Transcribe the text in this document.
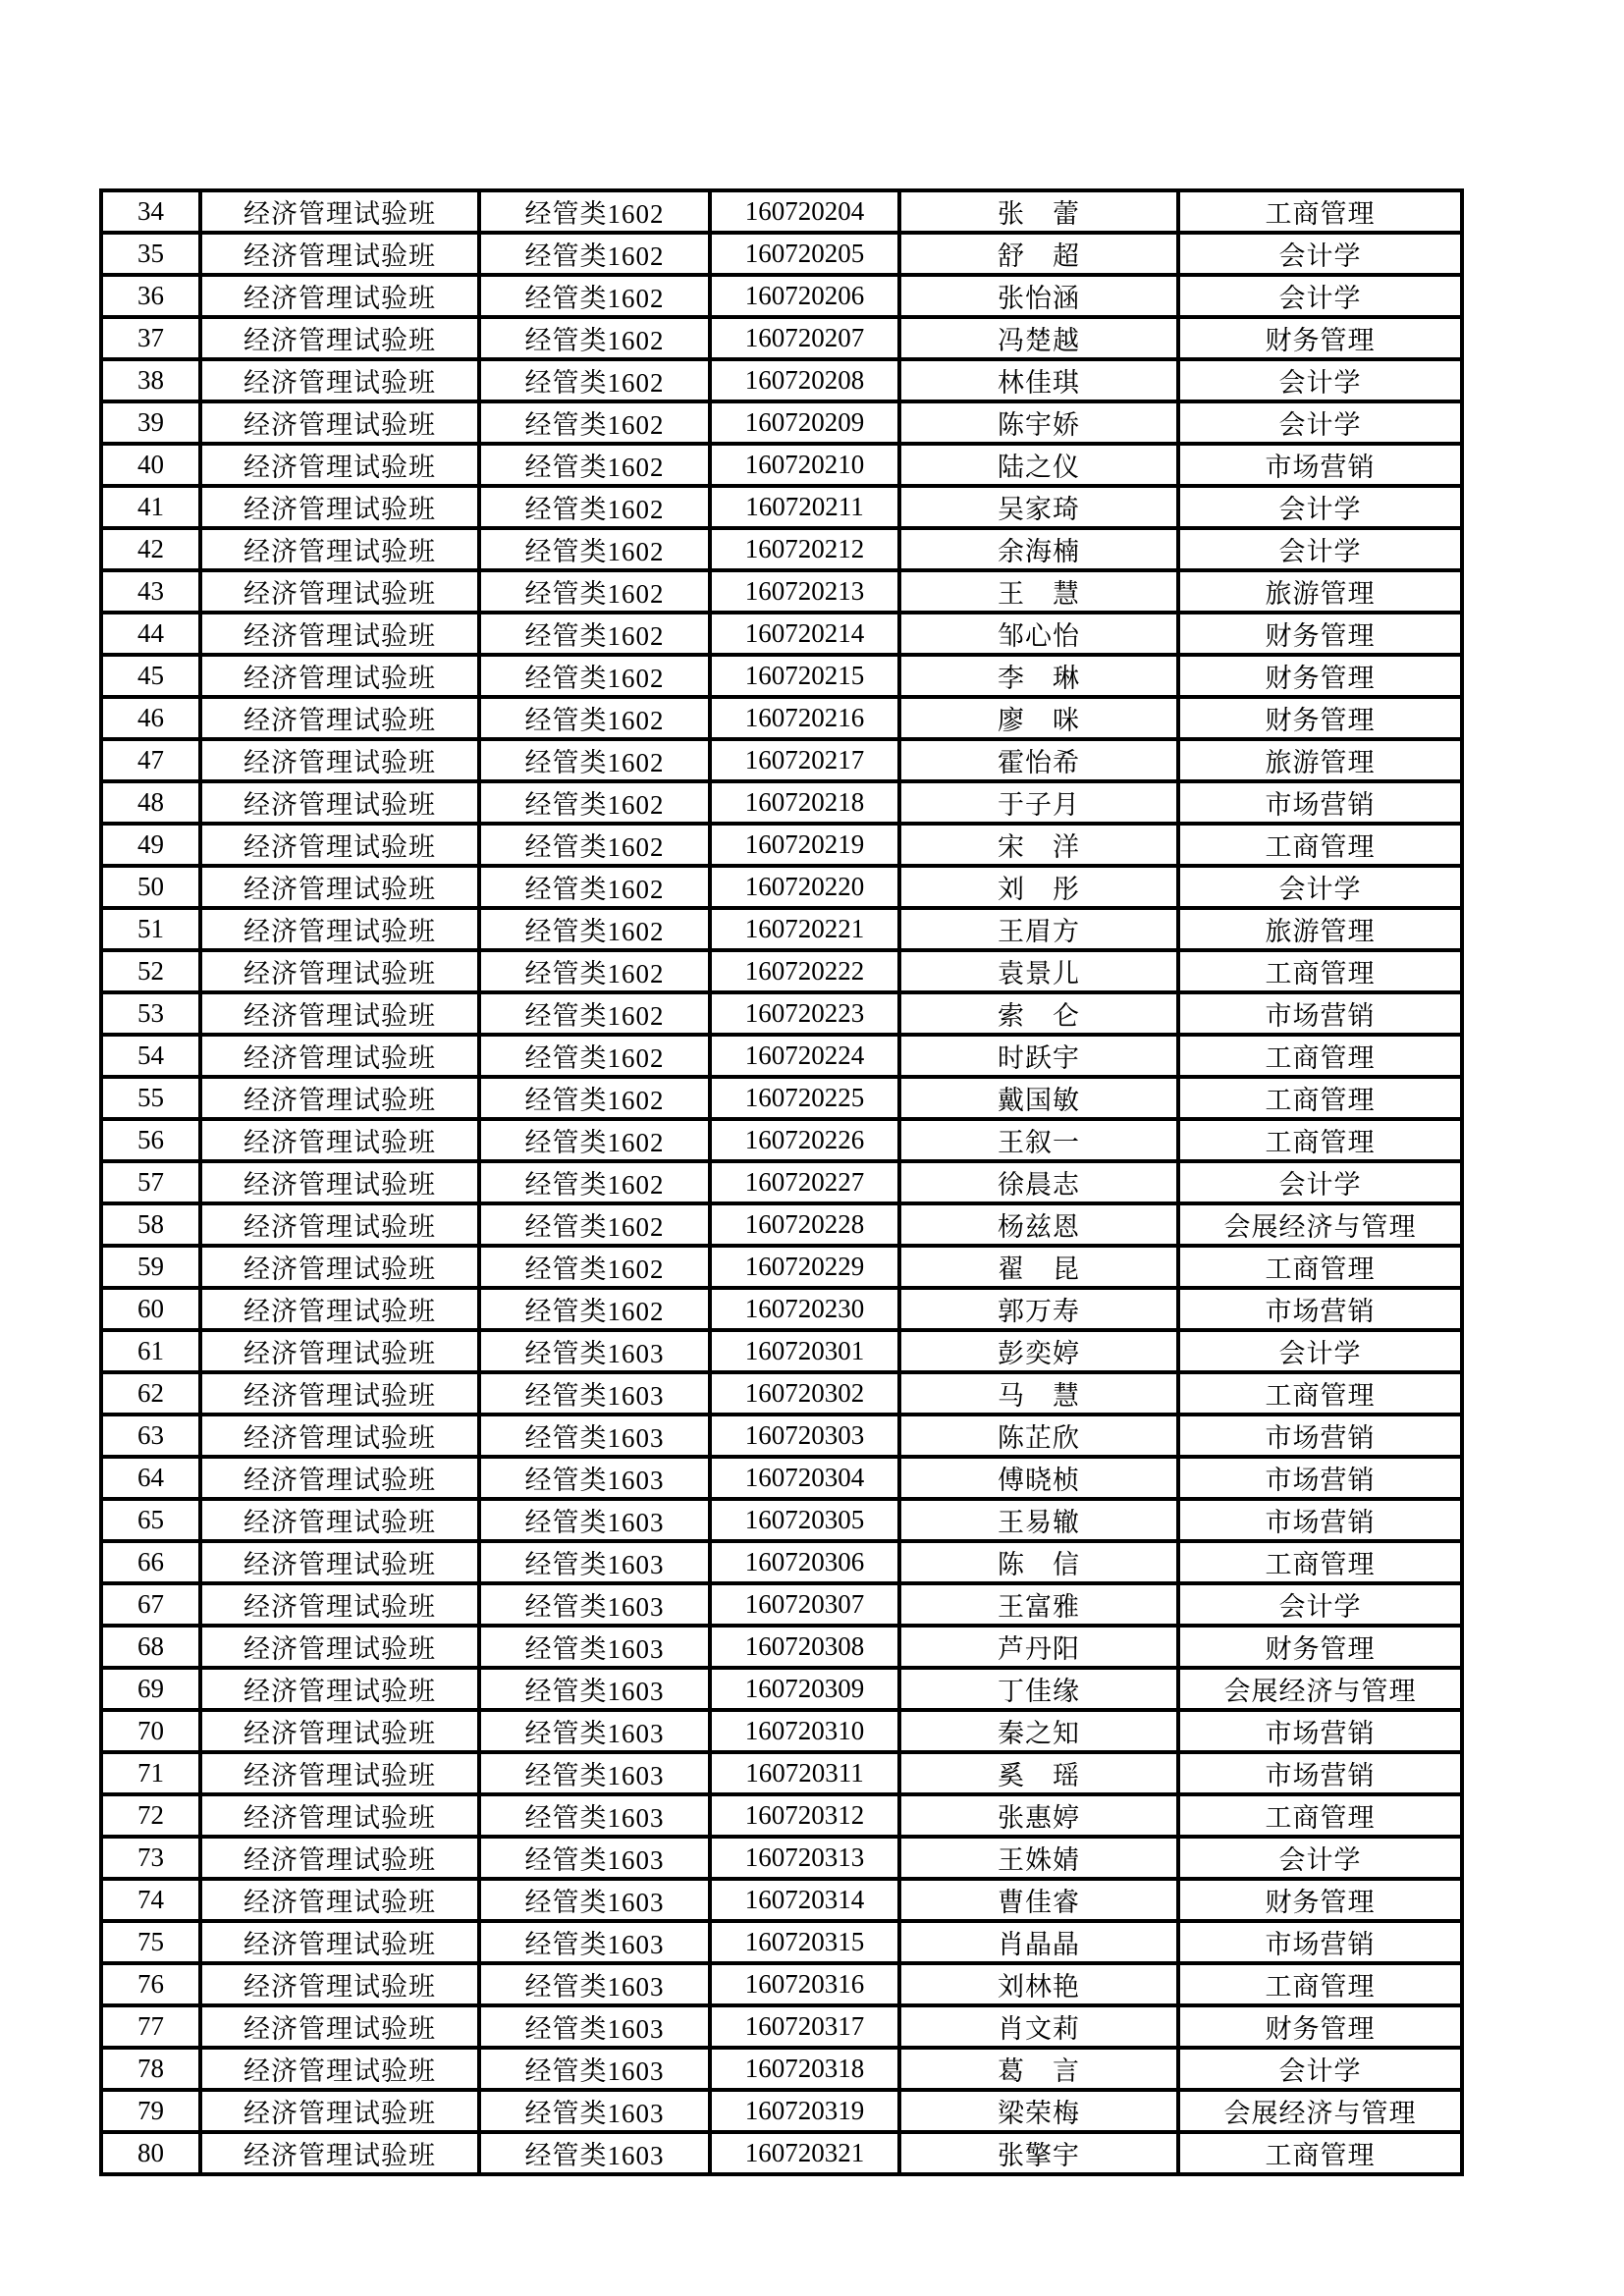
34	经济管理试验班	经管类1602	160720204	张　蕾	工商管理
35	经济管理试验班	经管类1602	160720205	舒　超	会计学
36	经济管理试验班	经管类1602	160720206	张怡涵	会计学
37	经济管理试验班	经管类1602	160720207	冯楚越	财务管理
38	经济管理试验班	经管类1602	160720208	林佳琪	会计学
39	经济管理试验班	经管类1602	160720209	陈宇娇	会计学
40	经济管理试验班	经管类1602	160720210	陆之仪	市场营销
41	经济管理试验班	经管类1602	160720211	吴家琦	会计学
42	经济管理试验班	经管类1602	160720212	余海楠	会计学
43	经济管理试验班	经管类1602	160720213	王　慧	旅游管理
44	经济管理试验班	经管类1602	160720214	邹心怡	财务管理
45	经济管理试验班	经管类1602	160720215	李　琳	财务管理
46	经济管理试验班	经管类1602	160720216	廖　咪	财务管理
47	经济管理试验班	经管类1602	160720217	霍怡希	旅游管理
48	经济管理试验班	经管类1602	160720218	于子月	市场营销
49	经济管理试验班	经管类1602	160720219	宋　洋	工商管理
50	经济管理试验班	经管类1602	160720220	刘　彤	会计学
51	经济管理试验班	经管类1602	160720221	王眉方	旅游管理
52	经济管理试验班	经管类1602	160720222	袁景儿	工商管理
53	经济管理试验班	经管类1602	160720223	索　仑	市场营销
54	经济管理试验班	经管类1602	160720224	时跃宇	工商管理
55	经济管理试验班	经管类1602	160720225	戴国敏	工商管理
56	经济管理试验班	经管类1602	160720226	王叙一	工商管理
57	经济管理试验班	经管类1602	160720227	徐晨志	会计学
58	经济管理试验班	经管类1602	160720228	杨兹恩	会展经济与管理
59	经济管理试验班	经管类1602	160720229	翟　昆	工商管理
60	经济管理试验班	经管类1602	160720230	郭万寿	市场营销
61	经济管理试验班	经管类1603	160720301	彭奕婷	会计学
62	经济管理试验班	经管类1603	160720302	马　慧	工商管理
63	经济管理试验班	经管类1603	160720303	陈芷欣	市场营销
64	经济管理试验班	经管类1603	160720304	傅晓桢	市场营销
65	经济管理试验班	经管类1603	160720305	王易辙	市场营销
66	经济管理试验班	经管类1603	160720306	陈　信	工商管理
67	经济管理试验班	经管类1603	160720307	王富雅	会计学
68	经济管理试验班	经管类1603	160720308	芦丹阳	财务管理
69	经济管理试验班	经管类1603	160720309	丁佳缘	会展经济与管理
70	经济管理试验班	经管类1603	160720310	秦之知	市场营销
71	经济管理试验班	经管类1603	160720311	奚　瑶	市场营销
72	经济管理试验班	经管类1603	160720312	张惠婷	工商管理
73	经济管理试验班	经管类1603	160720313	王姝婧	会计学
74	经济管理试验班	经管类1603	160720314	曹佳睿	财务管理
75	经济管理试验班	经管类1603	160720315	肖晶晶	市场营销
76	经济管理试验班	经管类1603	160720316	刘林艳	工商管理
77	经济管理试验班	经管类1603	160720317	肖文莉	财务管理
78	经济管理试验班	经管类1603	160720318	葛　言	会计学
79	经济管理试验班	经管类1603	160720319	梁荣梅	会展经济与管理
80	经济管理试验班	经管类1603	160720321	张擎宇	工商管理
